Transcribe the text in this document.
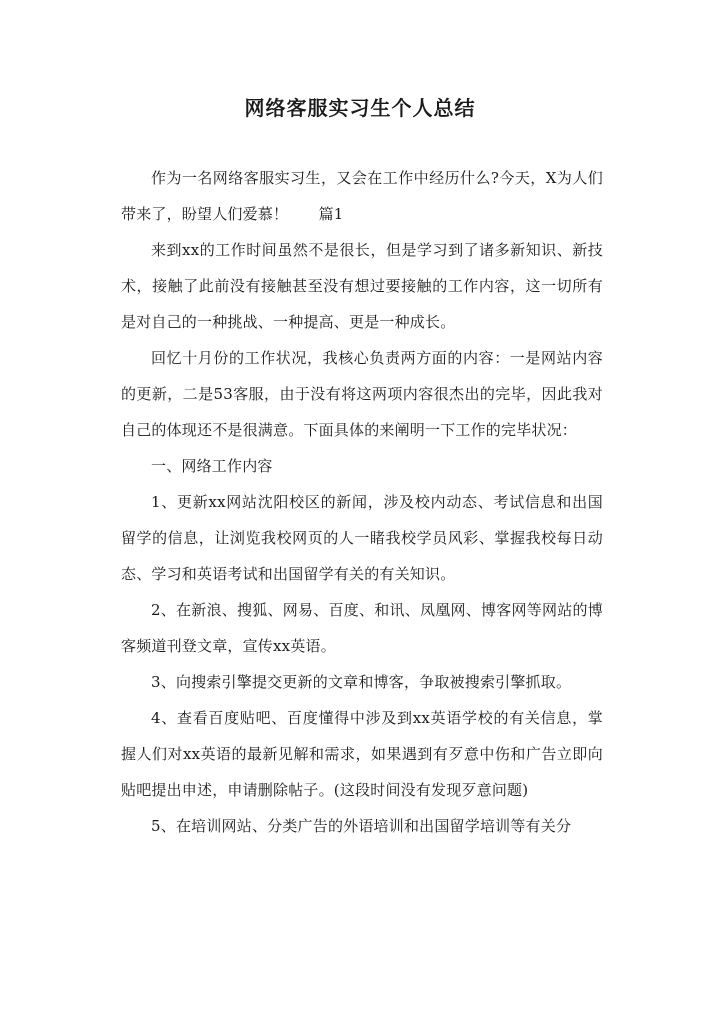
网络客服实习生个人总结

作为一名网络客服实习生，又会在工作中经历什么?今天，X为人们带来了，盼望人们爱慕！　　篇1

来到xx的工作时间虽然不是很长，但是学习到了诸多新知识、新技术，接触了此前没有接触甚至没有想过要接触的工作内容，这一切所有是对自己的一种挑战、一种提高、更是一种成长。

回忆十月份的工作状况，我核心负责两方面的内容：一是网站内容的更新，二是53客服，由于没有将这两项内容很杰出的完毕，因此我对自己的体现还不是很满意。下面具体的来阐明一下工作的完毕状况：

一、网络工作内容

1、更新xx网站沈阳校区的新闻，涉及校内动态、考试信息和出国留学的信息，让浏览我校网页的人一睹我校学员风彩、掌握我校每日动态、学习和英语考试和出国留学有关的有关知识。

2、在新浪、搜狐、网易、百度、和讯、凤凰网、博客网等网站的博客频道刊登文章，宣传xx英语。

3、向搜索引擎提交更新的文章和博客，争取被搜索引擎抓取。

4、查看百度贴吧、百度懂得中涉及到xx英语学校的有关信息，掌握人们对xx英语的最新见解和需求，如果遇到有歹意中伤和广告立即向贴吧提出申述，申请删除帖子。(这段时间没有发现歹意问题)

5、在培训网站、分类广告的外语培训和出国留学培训等有关分
